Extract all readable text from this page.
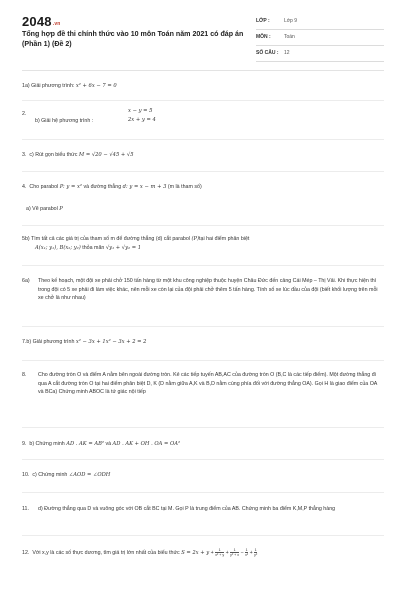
2048.vn
Tổng hợp đề thi chính thức vào 10 môn Toán năm 2021 có đáp án (Phần 1) (Đề 2)
LỚP :	Lớp 9
MÔN :	Toán
SỐ CÂU : 12
1a) Giải phương trình: x² + 6x − 7 = 0
2.
b) Giải hệ phương trình :
x − y = 5
2x + y = 4
3. c) Rút gọn biểu thức M = √20 − √45 + √5
4. Cho parabol P: y = x² và đường thẳng d: y = x − m + 3 (m là tham số)
a) Vẽ parabol P
5b) Tìm tất cả các giá trị của tham số m để đường thẳng (d) cắt parabol (P)tại hai điểm phân biệt
A(x₁; y₁), B(x₂; y₂) thỏa mãn √y₁ + √y₂ = 1
6a) Theo kế hoạch, một đội xe phải chở 150 tấn hàng từ một khu công nghiệp thuộc huyện Châu Đức đến cảng Cái Mép – Thị Vải. Khi thực hiện thì trong đội có 5 xe phải đi làm việc khác, nên mỗi xe còn lại của đội phải chở thêm 5 tấn hàng. Tính số xe lúc đầu của đội (biết khối lượng trên mỗi xe chở là như nhau)
7.b) Giải phương trình x² − 3x + 1x² − 3x + 2 = 2
8. Cho đường tròn O và điểm A nằm bên ngoài đường tròn. Kẻ các tiếp tuyến AB,AC của đường tròn O (B,C là các tiếp điểm). Một đường thẳng đi qua A cắt đường tròn O tại hai điểm phân biệt D, K (D nằm giữa A,K và B,D nằm cùng phía đối với đường thẳng OA). Gọi H là giao điểm của OA và BCa) Chứng minh ABOC là tứ giác nội tiếp
9. b) Chứng minh AD . AK = AB² và AD . AK + OH . OA = OA²
10. c) Chứng minh ∠AOD = ∠ODH
11. d) Đường thẳng qua D và vuông góc với OB cắt BC tại M. Gọi P là trung điểm của AB. Chứng minh ba điểm K,M,P thẳng hàng
12. Với x,y là các số thực dương, tìm giá trị lớn nhất của biểu thức $S = 2x + y + \frac{1}{\text{x² + y}} + \frac{1}{\text{y² + x}} - \frac{1}{\text{x²}} + \frac{1}{\text{y²}}$
